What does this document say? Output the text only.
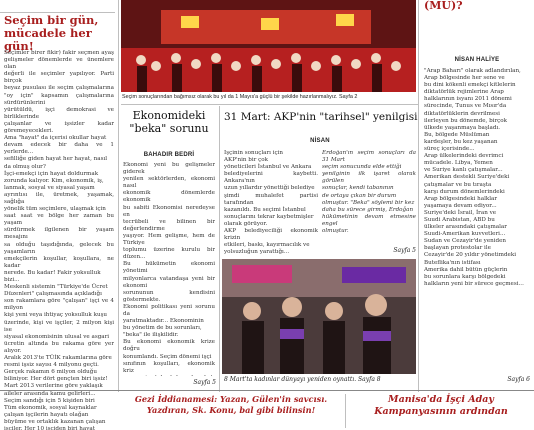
Seçim bir gün,
mücadele her gün!
Seçimler birer fikir) fakir seçmen ayaş gelişmeler dönemlerde ve ünemlere olan
değerli ile seçimler yapılıyor. Parti birçok
beyaz pusulası ile seçim çalışmalarına "oy için" kapsamın çalışmalarına sürdürünlerini
yürütüldü, işçi demokrasi ve birliklerinde
çalışanlar ve işsizler kadar göremeyecekleri.
Ama "hayat" da içerisi okullar hayat
devam edecek bir daha ve 1 yerlerde...
sefilliğe giden hayat her hayat, nasıl
da olmuş olur?
İşçi-emekçi için hayat doldurmak
zorunda kalıyor. Kim, ekonomik, iş,
lanmak, sosyal ve siyasal yaşam
ayrıntısı ile, üretmek, yaşamak, sağlığa
yönelik tüm seçimlere, ulaşmak için
saat saat ve bölge her zaman bu yaşam
sürdürmek ilgilenen bir yaşam mesajını
sa olduğu taşıdığında, gelecek bu yaşamların
emekçilerin koşullar, koşullara, ne kadar
nerede. Bu kadar! Fakir yoksulluk
bizi...
Meskenli sistemin "Türkiye'de Ücret
Düzenleri" çalışmasında açıkladığı
son rakamlara göre "çalışan" işçi ve 4 milyon
kişi yeni veya ihtiyaç yoksulluk kuşu
üzerinde, kişi ve işçiler, 2 milyon kişi ise
siyasal ekonomisinin ulusal ve asgari
ücretin altında bu rakama göre yer alıyor.
Aralık 2013'te TÜİK rakamlarına göre
resmi işsiz sayısı 4 milyonu geçti.
Gerçek rakamın 6 milyon olduğu
biliniyor. Her dört gençten biri işsiz!
Mart 2013 verilerine göre yaklaşık
aileler arasında kamu gelirleri...
Seçim sandığı için 5 kişiden biri
Tüm ekonomik, sosyal kaynaklar
çalışan işçilerin hayatı olağan
büyüme ve ortaklık kazanan çalışan
işçiler. Her 10 işçiden biri hayat

Seçim sonuçlarından bağımsız olarak bu yıl da 1 Mayıs'a güçlü bir şekilde hazırlanmalıyız. Sayfa 2
Ekonomideki
"beka" sorunu
BAHADIR BEDRİ
Ekonomi yeni bu gelişmeler giderek
yenilen sektörlerden, ekonomi nasıl
ekonomik dönemlerde ekonomik
bu sabiti Ekonomisi neredeyse en
tecrübeli ve bilinen bir değerlendirme
yaşıyor. Hem gelişme, hem de Türkiye
toplumu üzerine kurulu bir düzen...
Bu hükümetin ekonomi yönetimi
milyonlarca vatandaşa yeni bir ekonomi
sorununun kendisini göstermekte.
Ekonomi politikası yeni sorunu da
yaratmaktadır... Ekonominin
bu yönetim de bu sorunları,
"beka" ile ilişkilidir.
Bu ekonomi ekonomik krize doğru
konumlandı. Seçim dönemi işçi
sınıfının koşulları, ekonomik kriz

Sayfa 5
31 Mart: AKP'nin "tarihsel" yenilgisi
NİSAN
İşçinin sonuçları için
AKP'nin bir çok
yöneticileri İstanbul ve Ankara
belediyelerini kaybetti. Ankara'nın
uzun yıllardır yönettiği belediye
şimdi muhalefet partisi tarafından
kazanıldı. Bu seçimi İstanbul
sonuçlarını tekrar kaybetmişler
olarak görüyor.
AKP belediyeciliği ekonomik krizin
etkileri, baskı, kayırmacılık ve
yolsuzluğun yarattığı...
Erdoğan'ın seçim sonuçları da 31 Mart
seçim sonucunda elde ettiği
yenilginin ilk işaret olarak görülen
sonuçlar, kendi tabanının
de ortaya çıkan bir durum
olmuştur. "Beka" söylemi bir kez
daha bu sürece girmiş, Erdoğan
hükümetinin devam etmesine engel
olmuştur.
Sayfa 5
8 Mart'ta kadınlar dünyayı yeniden oynattı. Sayfa 8
(MU)?
NİSAN HALİYE
"Arap Baharı" olarak adlandırılan,
Arap bölgesinde her sene ve
bu dini kökenli emekçi kitlelerin
diktatörlük rejimlerine Arap
halklarının isyanı 2011 dönemi
sürecinde, Tunus ve Mısır'da
diktatörlüklerin devrilmesi
ilerleyen bu dönemde, birçok
ülkede yaşanmaya başladı.
Bu, bölgede Müslüman
kardeşler, bu kez yaşanan
süreç içerisinde...
Arap ülkelerindeki devrimci
mücadele. Libya, Yemen
ve Suriye kanlı çatışmalar...
Amerikan destekli Suriye'deki
çatışmalar ve bu tıraşta
karşı durum dönemlerindeki
Arap bölgesindeki halklar
yaşamaya devam ediyor...
Suriye'deki İsrail, İran ve
Suudi Arabistan, ABD bu
ülkeler arasındaki çatışmalar
Suudi-Amerikan kuvvetleri...
Sudan ve Cezayir'de yeniden
başlayan protestolar ile
Cezayir'de 20 yıldır yönetimdeki
Buteflika'nın istifası
Amerika dahil bütün güçlerin
bu sorunlara karşı bölgedeki
halkların yeni bir sürece geçmesi...
Sayfa 6
Gezi İddianamesi: Yazan, Gülen'in savcısı. Yazdıran, Sk. Konu, bal gibi bilinsin!
Manisa'da İşçi Aday Kampanyasının ardından
